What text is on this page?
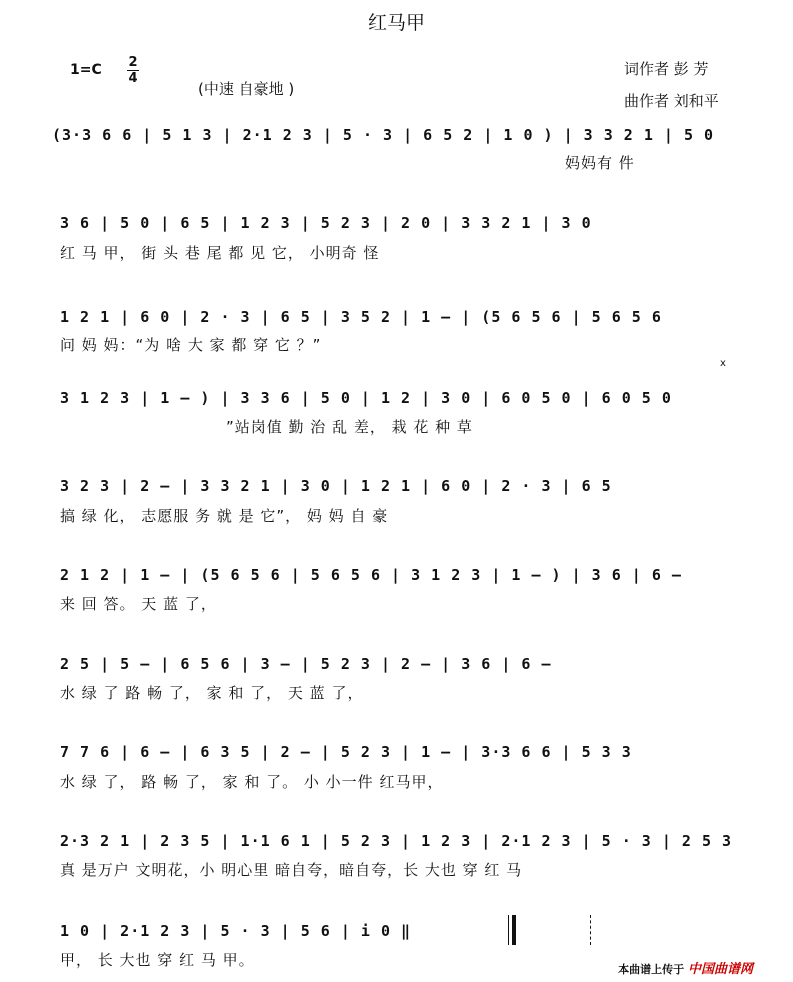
红马甲
1=C 2
4
(中速 自豪地 )
词作者 彭 芳
曲作者 刘和平
x
(3·3 6 6 | 5 1 3 | 2·1 2 3 | 5 · 3 | 6 5 2 | 1 0 ) | 3 3 2 1 | 5 0
妈妈有 件
3 6 | 5 0 | 6 5 | 1 2 3 | 5 2 3 | 2 0 | 3 3 2 1 | 3 0
红 马 甲， 街 头 巷 尾 都 见 它， 小明奇 怪
1 2 1 | 6 0 | 2 · 3 | 6 5 | 3 5 2 | 1 – | (5 6 5 6 | 5 6 5 6
问 妈 妈：“为 啥 大 家 都 穿 它 ？”
3 1 2 3 | 1 – ) | 3 3 6 | 5 0 | 1 2 | 3 0 | 6 0 5 0 | 6 0 5 0
”站岗值 勤 治 乱 差， 栽 花 种 草
3 2 3 | 2 – | 3 3 2 1 | 3 0 | 1 2 1 | 6 0 | 2 · 3 | 6 5
搞 绿 化， 志愿服 务 就 是 它”， 妈 妈 自 豪
2 1 2 | 1 – | (5 6 5 6 | 5 6 5 6 | 3 1 2 3 | 1 – ) | 3 6 | 6 –
来 回 答。 天 蓝 了，
2 5 | 5 – | 6 5 6 | 3 – | 5 2 3 | 2 – | 3 6 | 6 –
水 绿 了 路 畅 了， 家 和 了， 天 蓝 了，
7 7 6 | 6 – | 6 3 5 | 2 – | 5 2 3 | 1 – | 3·3 6 6 | 5 3 3
水 绿 了， 路 畅 了， 家 和 了。 小 小一件 红马甲，
2·3 2 1 | 2 3 5 | 1·1 6 1 | 5 2 3 | 1 2 3 | 2·1 2 3 | 5 · 3 | 2 5 3
真 是万户 文明花，小 明心里 暗自夸，暗自夸，长 大也 穿 红 马
1 0 | 2·1 2 3 | 5 · 3 | 5 6 | i 0 ‖
甲， 长 大也 穿 红 马 甲。
本曲谱上传于 中国曲谱网
